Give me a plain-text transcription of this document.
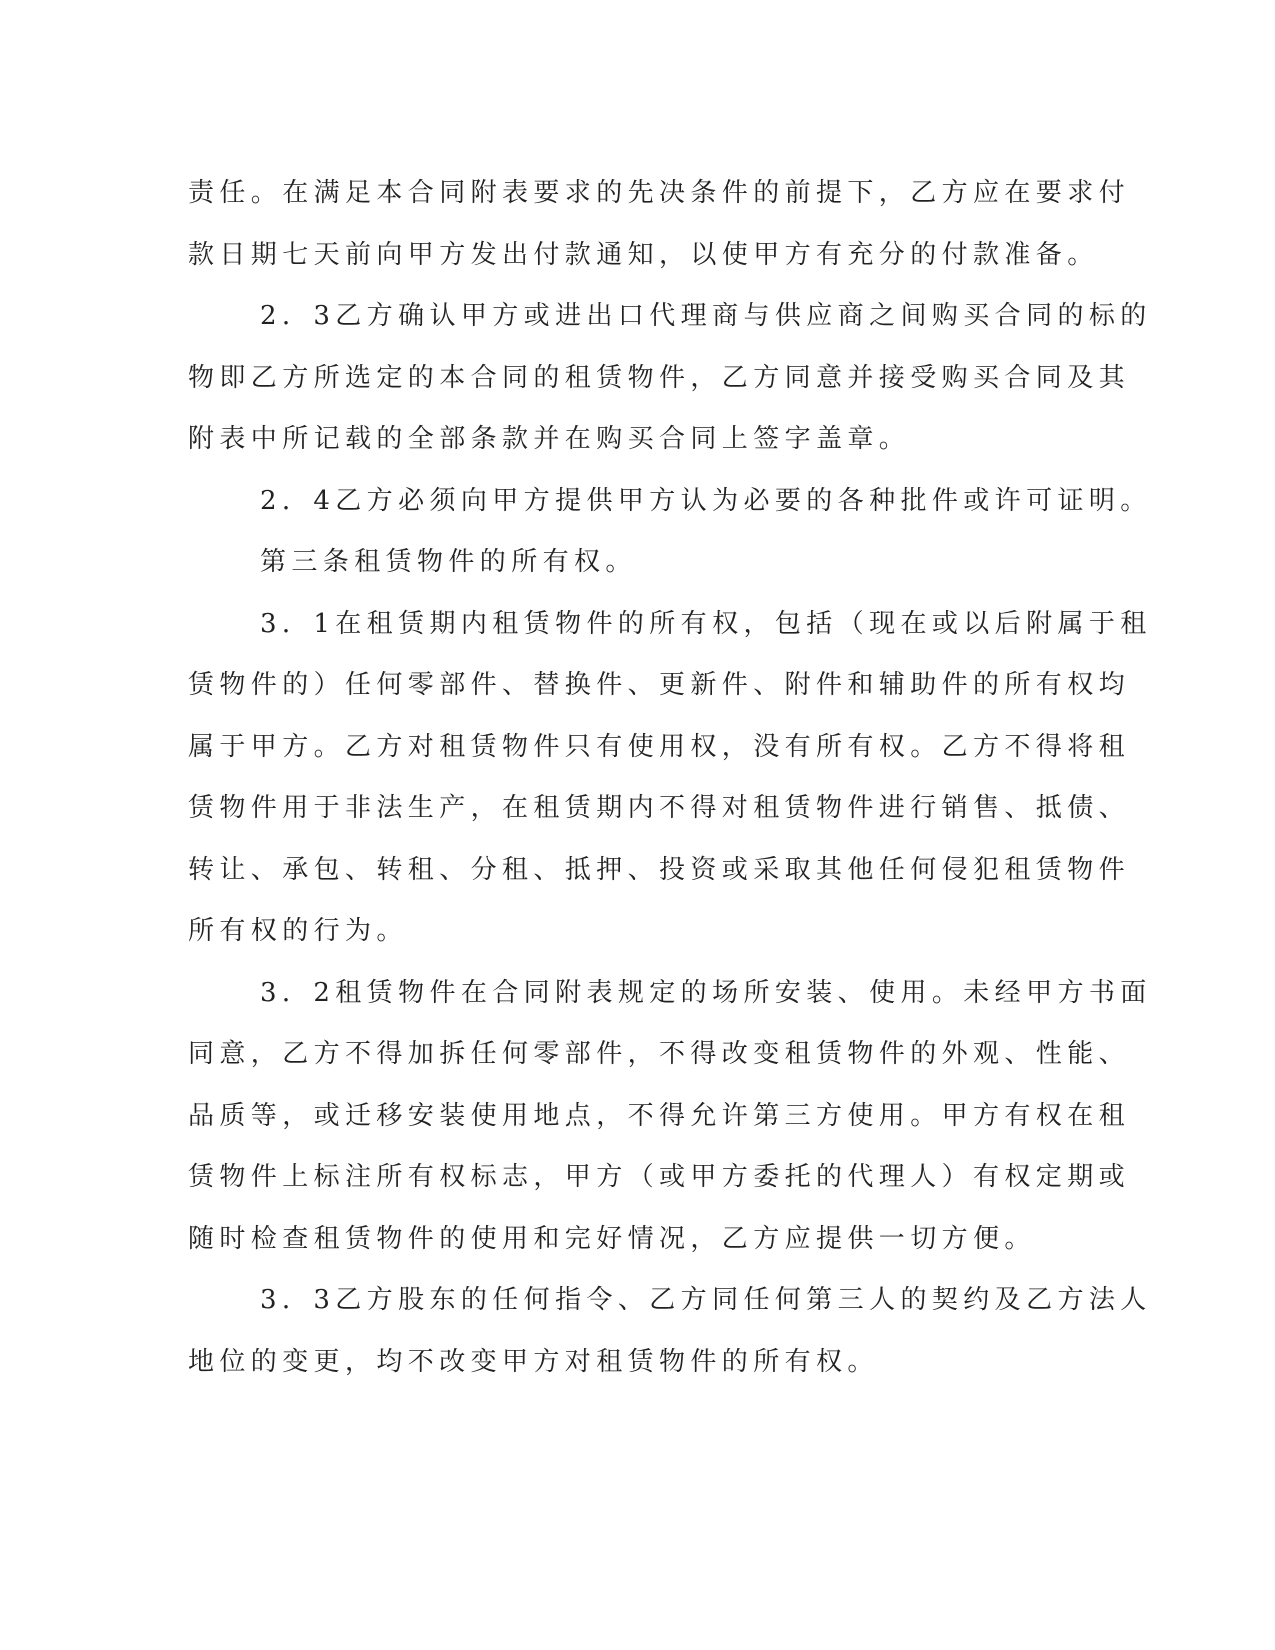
责任。在满足本合同附表要求的先决条件的前提下，乙方应在要求付
款日期七天前向甲方发出付款通知，以使甲方有充分的付款准备。
2．3乙方确认甲方或进出口代理商与供应商之间购买合同的标的
物即乙方所选定的本合同的租赁物件，乙方同意并接受购买合同及其
附表中所记载的全部条款并在购买合同上签字盖章。
2．4乙方必须向甲方提供甲方认为必要的各种批件或许可证明。
第三条租赁物件的所有权。
3．1在租赁期内租赁物件的所有权，包括（现在或以后附属于租
赁物件的）任何零部件、替换件、更新件、附件和辅助件的所有权均
属于甲方。乙方对租赁物件只有使用权，没有所有权。乙方不得将租
赁物件用于非法生产，在租赁期内不得对租赁物件进行销售、抵债、
转让、承包、转租、分租、抵押、投资或采取其他任何侵犯租赁物件
所有权的行为。
3．2租赁物件在合同附表规定的场所安装、使用。未经甲方书面
同意，乙方不得加拆任何零部件，不得改变租赁物件的外观、性能、
品质等，或迁移安装使用地点，不得允许第三方使用。甲方有权在租
赁物件上标注所有权标志，甲方（或甲方委托的代理人）有权定期或
随时检查租赁物件的使用和完好情况，乙方应提供一切方便。
3．3乙方股东的任何指令、乙方同任何第三人的契约及乙方法人
地位的变更，均不改变甲方对租赁物件的所有权。
